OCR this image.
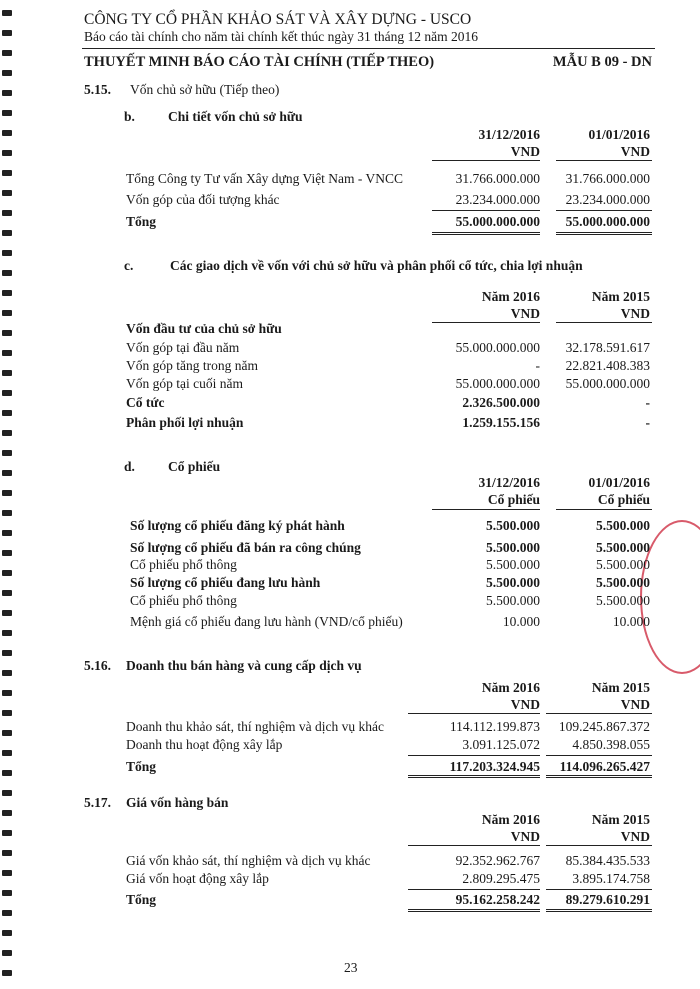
CÔNG TY CỔ PHẦN KHẢO SÁT VÀ XÂY DỰNG - USCO
Báo cáo tài chính cho năm tài chính kết thúc ngày 31 tháng 12 năm 2016
THUYẾT MINH BÁO CÁO TÀI CHÍNH (TIẾP THEO)	MẪU B 09 - DN
5.15. Vốn chủ sở hữu (Tiếp theo)
b. Chi tiết vốn chủ sở hữu
31/12/2016	01/01/2016
VND	VND
Tổng Công ty Tư vấn Xây dựng Việt Nam - VNCC	31.766.000.000 31.766.000.000
Vốn góp của đối tượng khác	23.234.000.000 23.234.000.000
Tổng	55.000.000.000 55.000.000.000
c.	Các giao dịch về vốn với chủ sở hữu và phân phối cổ tức, chia lợi nhuận
Năm 2016	Năm 2015
VND	VND
Vốn đầu tư của chủ sở hữu
Vốn góp tại đầu năm	55.000.000.000 32.178.591.617
Vốn góp tăng trong năm	- 22.821.408.383
Vốn góp tại cuối năm	55.000.000.000 55.000.000.000
Cổ tức	2.326.500.000	-
Phân phối lợi nhuận	1.259.155.156	-
d. Cổ phiếu
31/12/2016	01/01/2016
Cổ phiếu	Cổ phiếu
Số lượng cổ phiếu đăng ký phát hành	5.500.000	5.500.000
Số lượng cổ phiếu đã bán ra công chúng	5.500.000	5.500.000
Cổ phiếu phổ thông	5.500.000	5.500.000
Số lượng cổ phiếu đang lưu hành	5.500.000	5.500.000
Cổ phiếu phổ thông	5.500.000	5.500.000
Mệnh giá cổ phiếu đang lưu hành (VND/cổ phiếu)	10.000	10.000
5.16. Doanh thu bán hàng và cung cấp dịch vụ
Năm 2016	Năm 2015
VND	VND
Doanh thu khảo sát, thí nghiệm và dịch vụ khác	114.112.199.873 109.245.867.372
Doanh thu hoạt động xây lắp	3.091.125.072 4.850.398.055
Tổng	117.203.324.945 114.096.265.427
5.17. Giá vốn hàng bán
Năm 2016	Năm 2015
VND	VND
Giá vốn khảo sát, thí nghiệm và dịch vụ khác	92.352.962.767 85.384.435.533
Giá vốn hoạt động xây lắp	2.809.295.475 3.895.174.758
Tổng	95.162.258.242 89.279.610.291
23
